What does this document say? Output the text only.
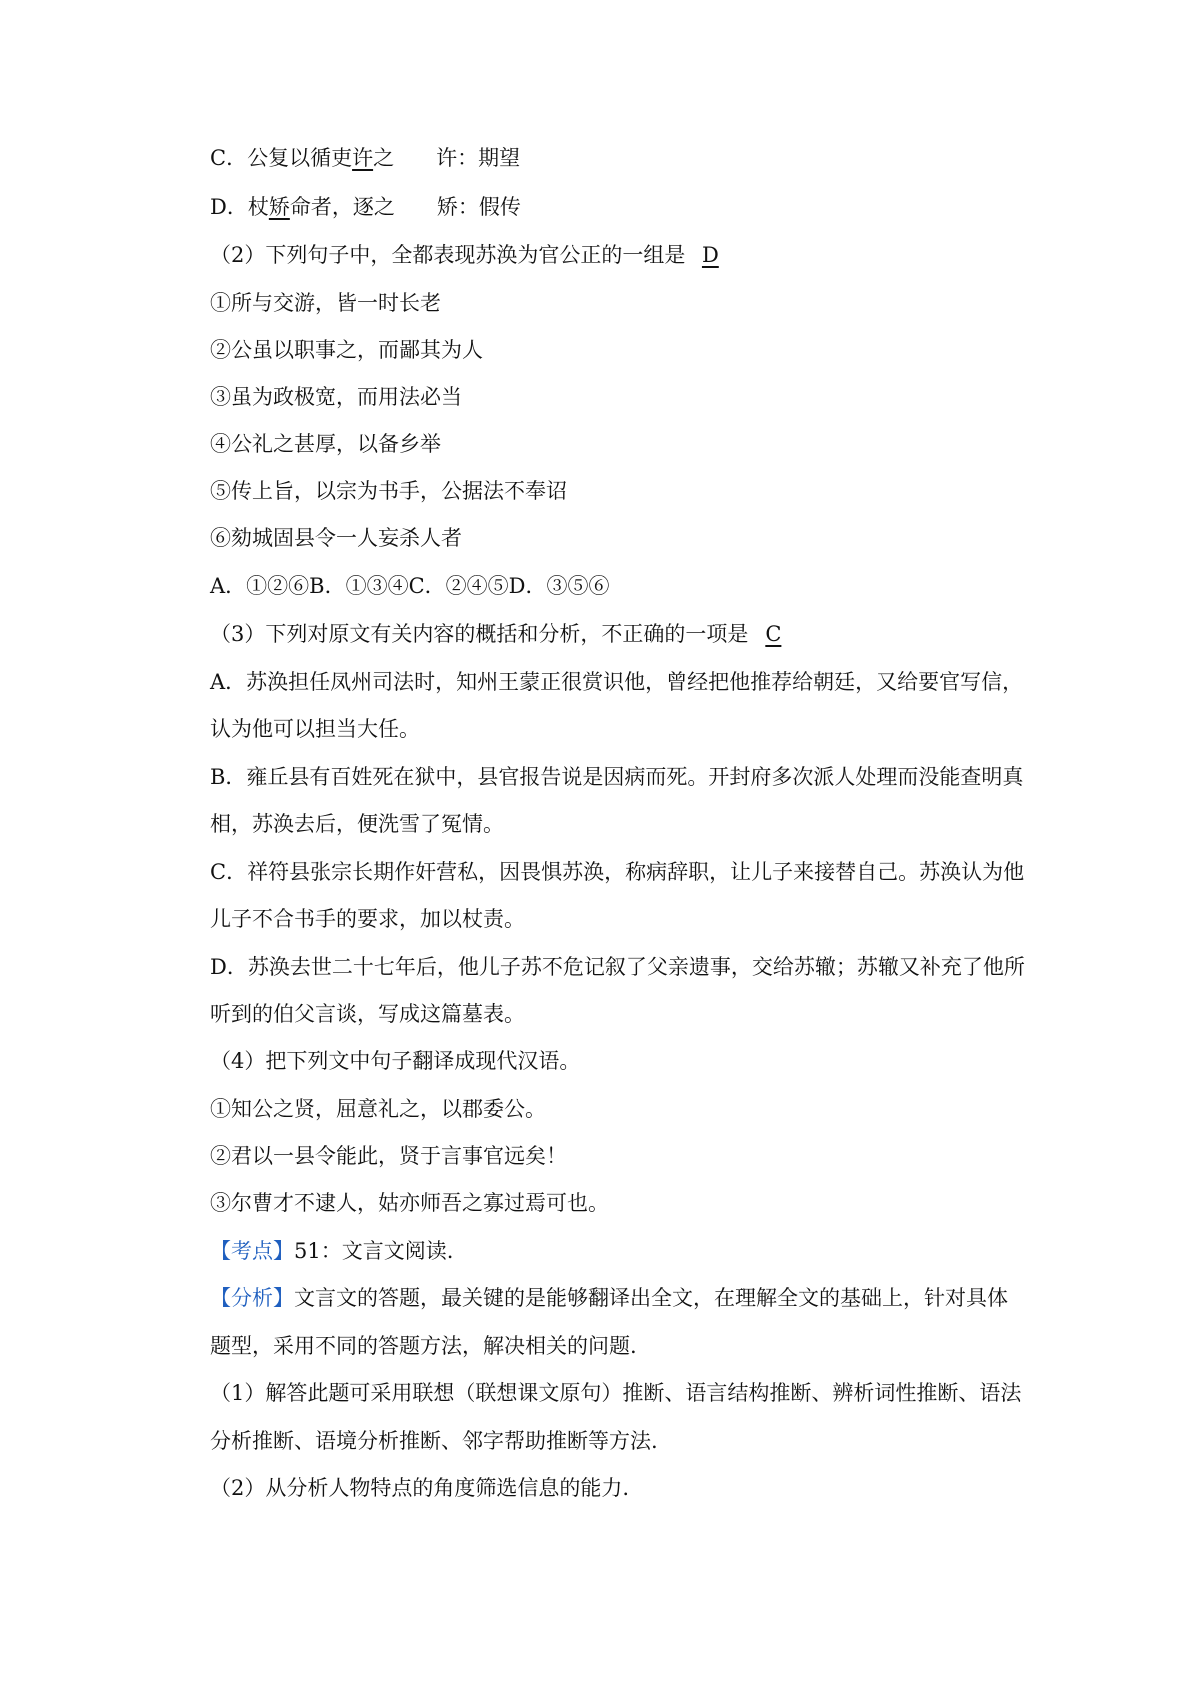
C．公复以循吏许之　　许：期望
D．杖矫命者，逐之　　矫：假传
（2）下列句子中，全都表现苏涣为官公正的一组是 D
①所与交游，皆一时长老
②公虽以职事之，而鄙其为人
③虽为政极宽，而用法必当
④公礼之甚厚，以备乡举
⑤传上旨，以宗为书手，公据法不奉诏
⑥劾城固县令一人妄杀人者
A．①②⑥B．①③④C．②④⑤D．③⑤⑥
（3）下列对原文有关内容的概括和分析，不正确的一项是 C
A．苏涣担任凤州司法时，知州王蒙正很赏识他，曾经把他推荐给朝廷，又给要官写信，
认为他可以担当大任。
B．雍丘县有百姓死在狱中，县官报告说是因病而死。开封府多次派人处理而没能查明真
相，苏涣去后，便洗雪了冤情。
C．祥符县张宗长期作奸营私，因畏惧苏涣，称病辞职，让儿子来接替自己。苏涣认为他
儿子不合书手的要求，加以杖责。
D．苏涣去世二十七年后，他儿子苏不危记叙了父亲遗事，交给苏辙；苏辙又补充了他所
听到的伯父言谈，写成这篇墓表。
（4）把下列文中句子翻译成现代汉语。
①知公之贤，屈意礼之，以郡委公。
②君以一县令能此，贤于言事官远矣！
③尔曹才不逮人，姑亦师吾之寡过焉可也。
【考点】51：文言文阅读.
【分析】文言文的答题，最关键的是能够翻译出全文，在理解全文的基础上，针对具体
题型，采用不同的答题方法，解决相关的问题.
（1）解答此题可采用联想（联想课文原句）推断、语言结构推断、辨析词性推断、语法
分析推断、语境分析推断、邻字帮助推断等方法.
（2）从分析人物特点的角度筛选信息的能力.
